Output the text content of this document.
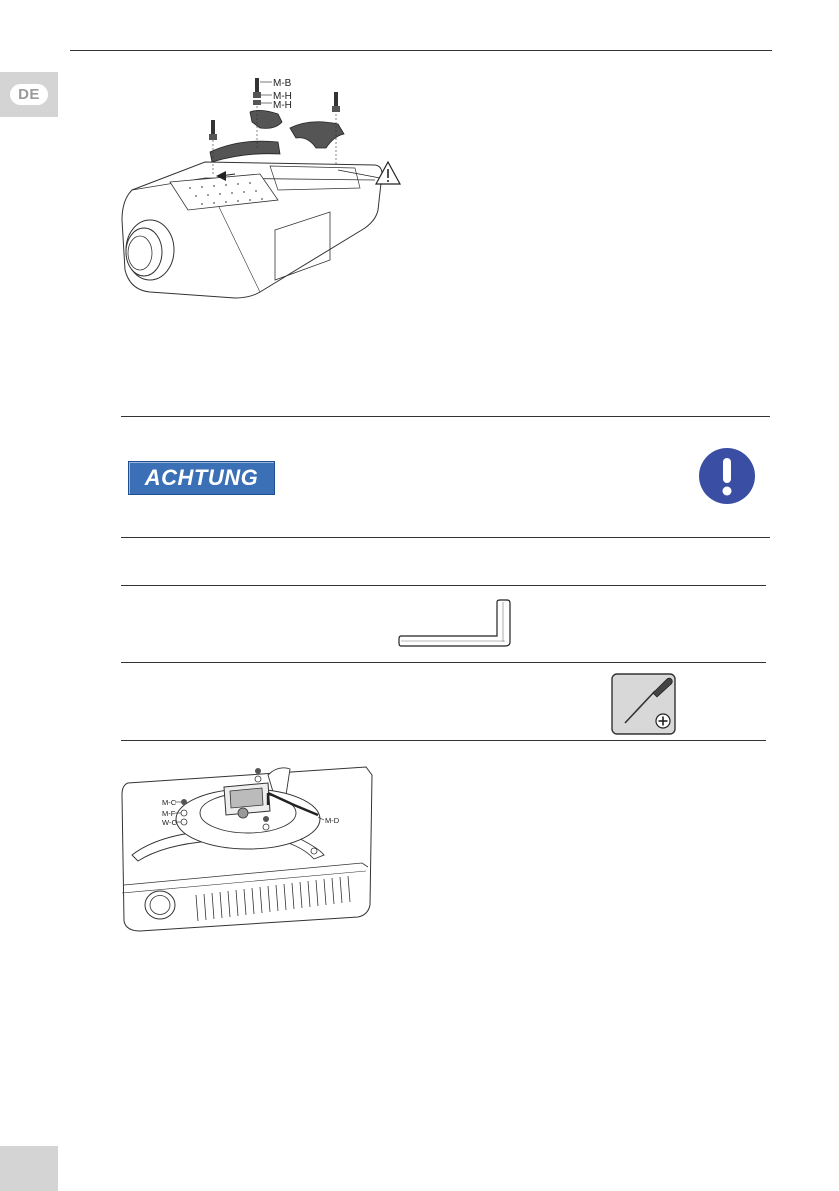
DE
M-B
M-H
M-H
ACHTUNG
M-C
M-F
W-C	M-D
